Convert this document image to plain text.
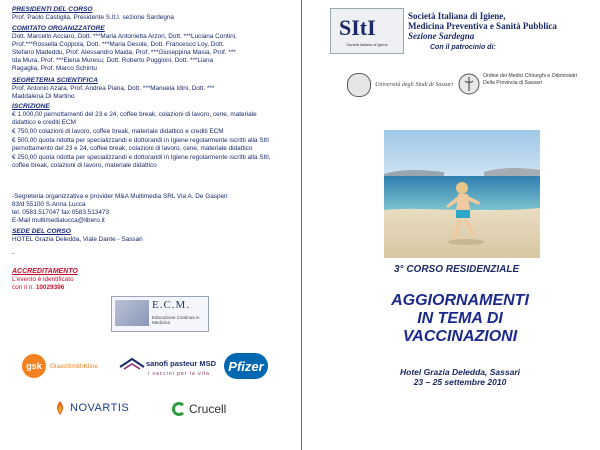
PRESIDENTI DEL CORSO
Prof. Paolo Castiglia, Presidente S.It.I. sezione Sardegna
COMITATO ORGANIZZATORE
Dott. Marcello Acciaro, Dott. ***Maria Antonietta Arzori, Dott. ***Luciana Contini,
Prof.***Rossella Coppola, Dott. ***Maria Desole, Dott. Francesco Loy, Dott.
Stefano Madeddu, Prof. Alessandro Maida, Prof. ***Giuseppina Masia, Prof. ***
Ida Mura, Prof. ***Elena Muresu, Dott. Roberto Puggioni, Dott. ***Liana
Ragaglia, Prof. Marco Schintu
SEGRETERIA SCIENTIFICA
Prof. Antonio Azara, Prof. Andrea Piana, Dott. ***Manuela Idini, Dott. ***
Maddalena Di Martino
ISCRIZIONE
€ 1.000,00 pernottamenti del 23 e 24, coffee break, colazioni di lavoro, cene, materiale didattico e crediti ECM
€ 750,00 colazioni di lavoro, coffee break, materiale didattico e crediti ECM
€ 500,00 quota ridotta per specializzandi e dottorandi in Igiene regolarmente iscritti alla SItI pernottamento del 23 e 24, coffee break, colazioni di lavoro, cene, materiale didattico
€ 250,00 quota ridotta per specializzandi e dottorandi in Igiene regolarmente iscritti alla SItI, coffee break, colazioni di lavoro, materiale didattico
-Segreteria organizzativa e provider M&A Multimedia SRL Via A. De Gasperi
83/d 55100 S.Anna Lucca
tel. 0583.517047 fax 0583.513473
E-Mail multimedialucca@libero.it
SEDE DEL CORSO
HOTEL Grazia Deledda, Viale Dante - Sassari
-
ACCREDITAMENTO
L'evento è identificato
con il n. 10029396
E.C.M.
Educazione Continua in Medicina
gsk	GlaxoSmithKline	sanofi pasteur MSD
i vaccini per la vita
Pfizer
NOVARTIS	Crucell
SItI
Società Italiana di Igiene
Società Italiana di Igiene,
Medicina Preventiva e Sanità Pubblica
Sezione Sardegna
Con il patrocinio di:
Università degli Studi di Sassari
Ordine dei Medici Chirurghi e Odontoiatri
Della Provincia di Sassari
3° CORSO RESIDENZIALE
AGGIORNAMENTI
IN TEMA DI
VACCINAZIONI
Hotel Grazia Deledda, Sassari
23 – 25 settembre 2010
